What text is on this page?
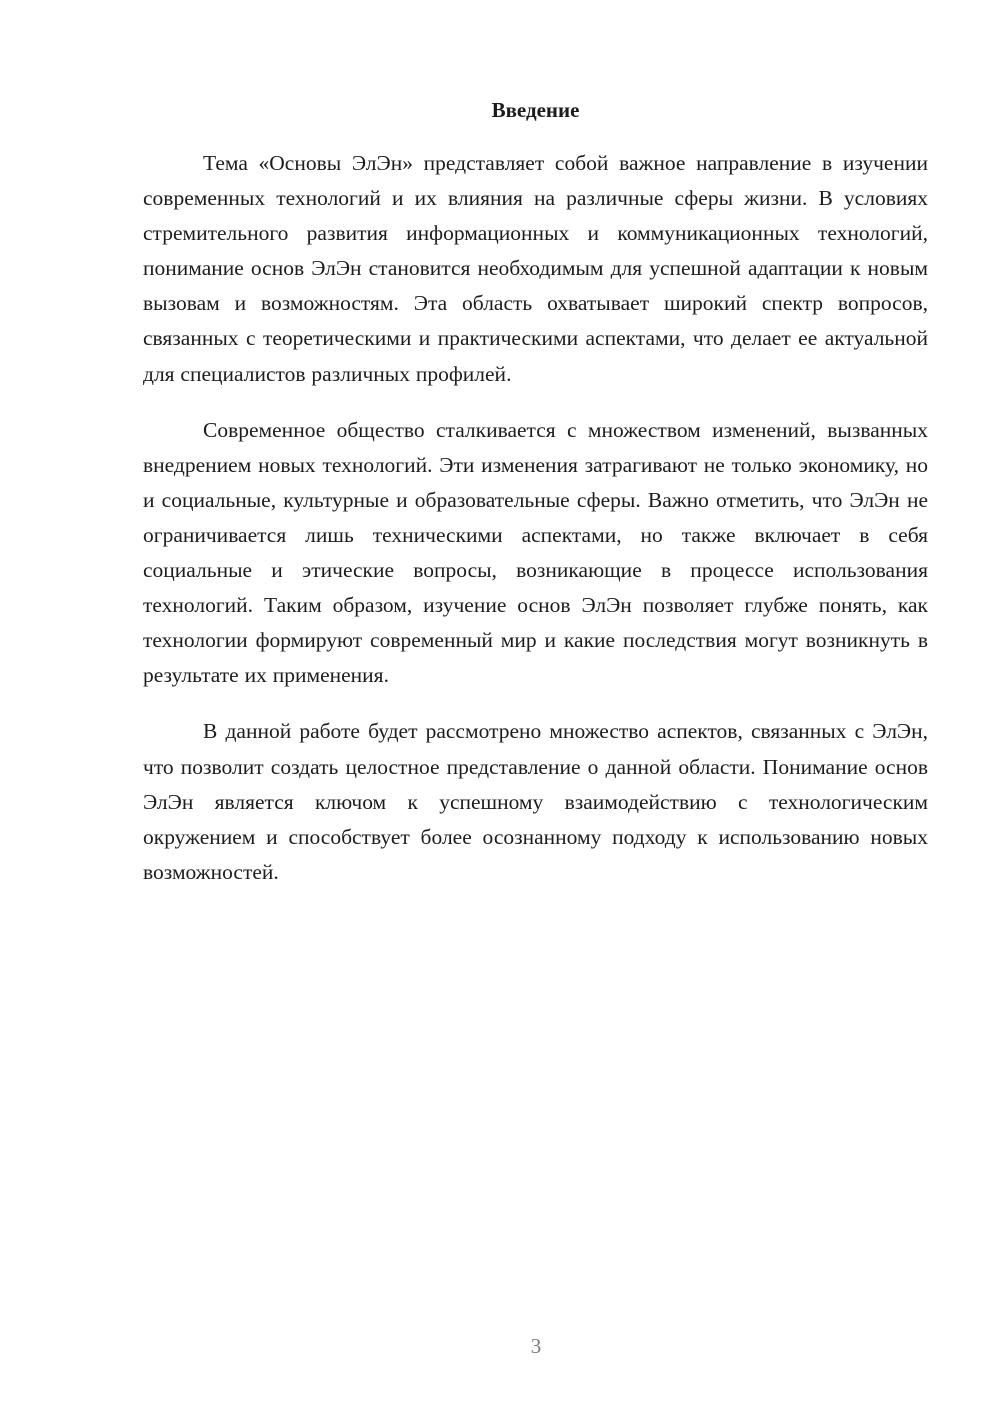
Введение

Тема «Основы ЭлЭн» представляет собой важное направление в изучении современных технологий и их влияния на различные сферы жизни. В условиях стремительного развития информационных и коммуникационных технологий, понимание основ ЭлЭн становится необходимым для успешной адаптации к новым вызовам и возможностям. Эта область охватывает широкий спектр вопросов, связанных с теоретическими и практическими аспектами, что делает ее актуальной для специалистов различных профилей.

Современное общество сталкивается с множеством изменений, вызванных внедрением новых технологий. Эти изменения затрагивают не только экономику, но и социальные, культурные и образовательные сферы. Важно отметить, что ЭлЭн не ограничивается лишь техническими аспектами, но также включает в себя социальные и этические вопросы, возникающие в процессе использования технологий. Таким образом, изучение основ ЭлЭн позволяет глубже понять, как технологии формируют современный мир и какие последствия могут возникнуть в результате их применения.

В данной работе будет рассмотрено множество аспектов, связанных с ЭлЭн, что позволит создать целостное представление о данной области. Понимание основ ЭлЭн является ключом к успешному взаимодействию с технологическим окружением и способствует более осознанному подходу к использованию новых возможностей.

3
